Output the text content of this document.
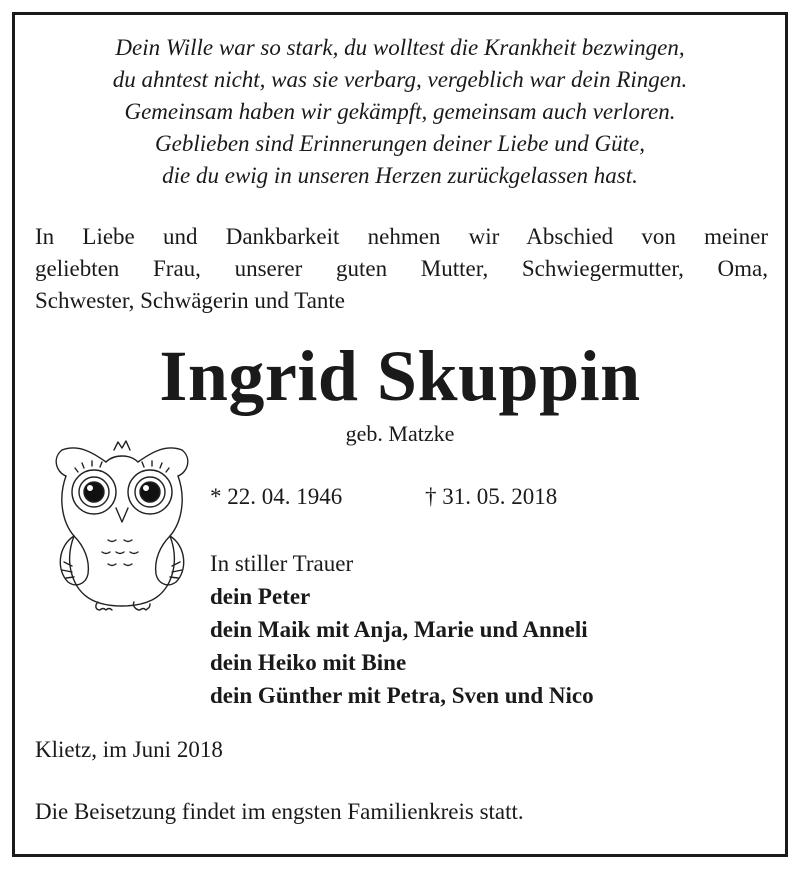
Dein Wille war so stark, du wolltest die Krankheit bezwingen,
du ahntest nicht, was sie verbarg, vergeblich war dein Ringen.
Gemeinsam haben wir gekämpft, gemeinsam auch verloren.
Geblieben sind Erinnerungen deiner Liebe und Güte,
die du ewig in unseren Herzen zurückgelassen hast.
In Liebe und Dankbarkeit nehmen wir Abschied von meiner
geliebten Frau, unserer guten Mutter, Schwiegermutter, Oma,
Schwester, Schwägerin und Tante
Ingrid Skuppin
geb. Matzke
* 22. 04. 1946	† 31. 05. 2018
In stiller Trauer
dein Peter
dein Maik mit Anja, Marie und Anneli
dein Heiko mit Bine
dein Günther mit Petra, Sven und Nico
Klietz, im Juni 2018
Die Beisetzung findet im engsten Familienkreis statt.
